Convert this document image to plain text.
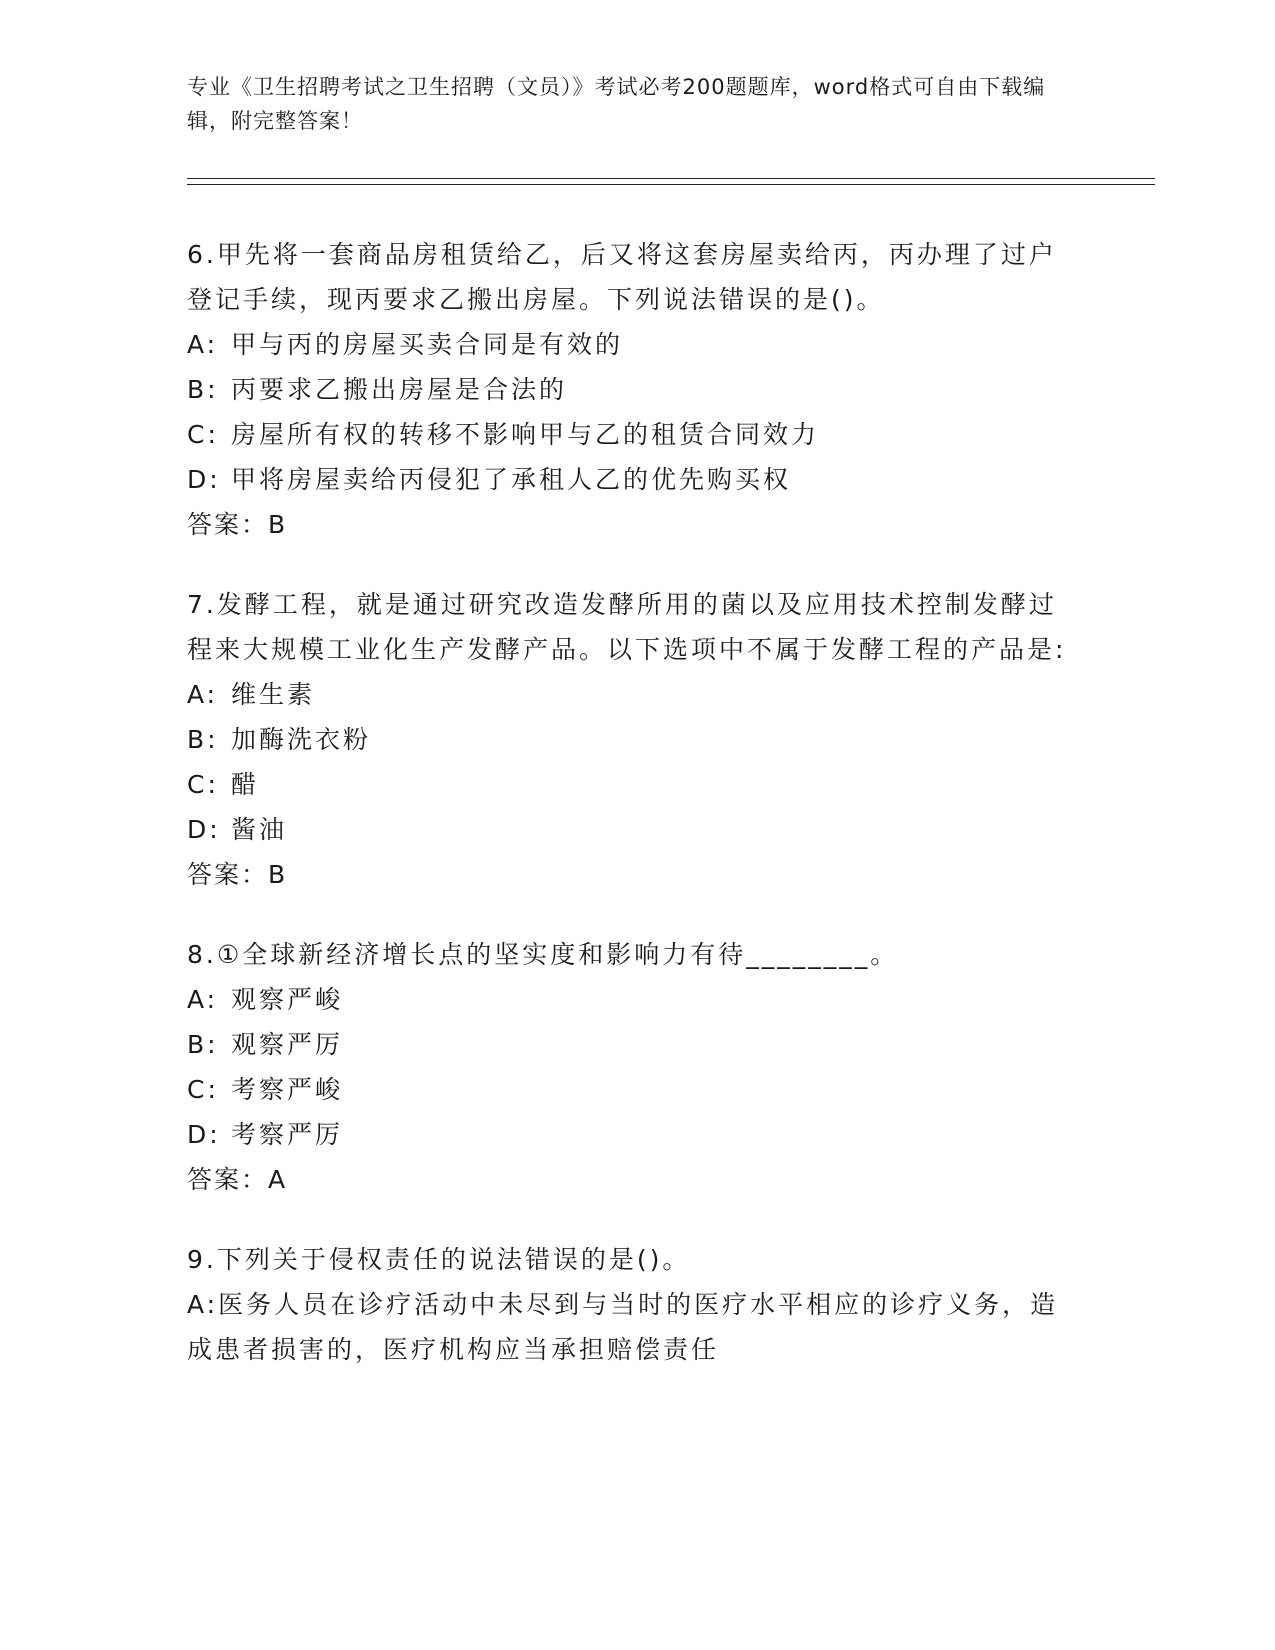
专业《卫生招聘考试之卫生招聘（文员）》考试必考200题题库，word格式可自由下载编辑，附完整答案！
6.甲先将一套商品房租赁给乙，后又将这套房屋卖给丙，丙办理了过户登记手续，现丙要求乙搬出房屋。下列说法错误的是()。
A: 甲与丙的房屋买卖合同是有效的
B: 丙要求乙搬出房屋是合法的
C: 房屋所有权的转移不影响甲与乙的租赁合同效力
D: 甲将房屋卖给丙侵犯了承租人乙的优先购买权
答案：B
7.发酵工程，就是通过研究改造发酵所用的菌以及应用技术控制发酵过程来大规模工业化生产发酵产品。以下选项中不属于发酵工程的产品是:
A: 维生素
B: 加酶洗衣粉
C: 醋
D: 酱油
答案：B
8.①全球新经济增长点的坚实度和影响力有待________。
A: 观察严峻
B: 观察严厉
C: 考察严峻
D: 考察严厉
答案：A
9.下列关于侵权责任的说法错误的是()。
A:医务人员在诊疗活动中未尽到与当时的医疗水平相应的诊疗义务，造成患者损害的，医疗机构应当承担赔偿责任
